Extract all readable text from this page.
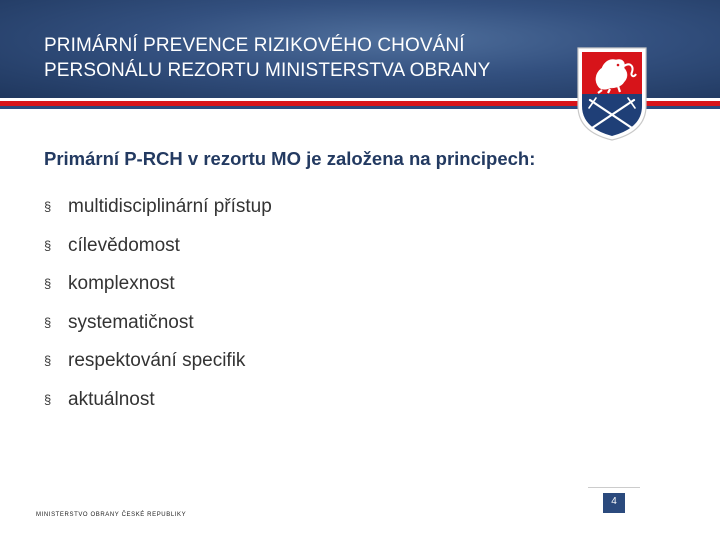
PRIMÁRNÍ PREVENCE RIZIKOVÉHO CHOVÁNÍ
PERSONÁLU REZORTU MINISTERSTVA OBRANY
Primární P-RCH v rezortu MO je založena na principech:
§ multidisciplinární přístup
§ cílevědomost
§ komplexnost
§ systematičnost
§ respektování specifik
§ aktuálnost
MINISTERSTVO OBRANY ČESKÉ REPUBLIKY
4
